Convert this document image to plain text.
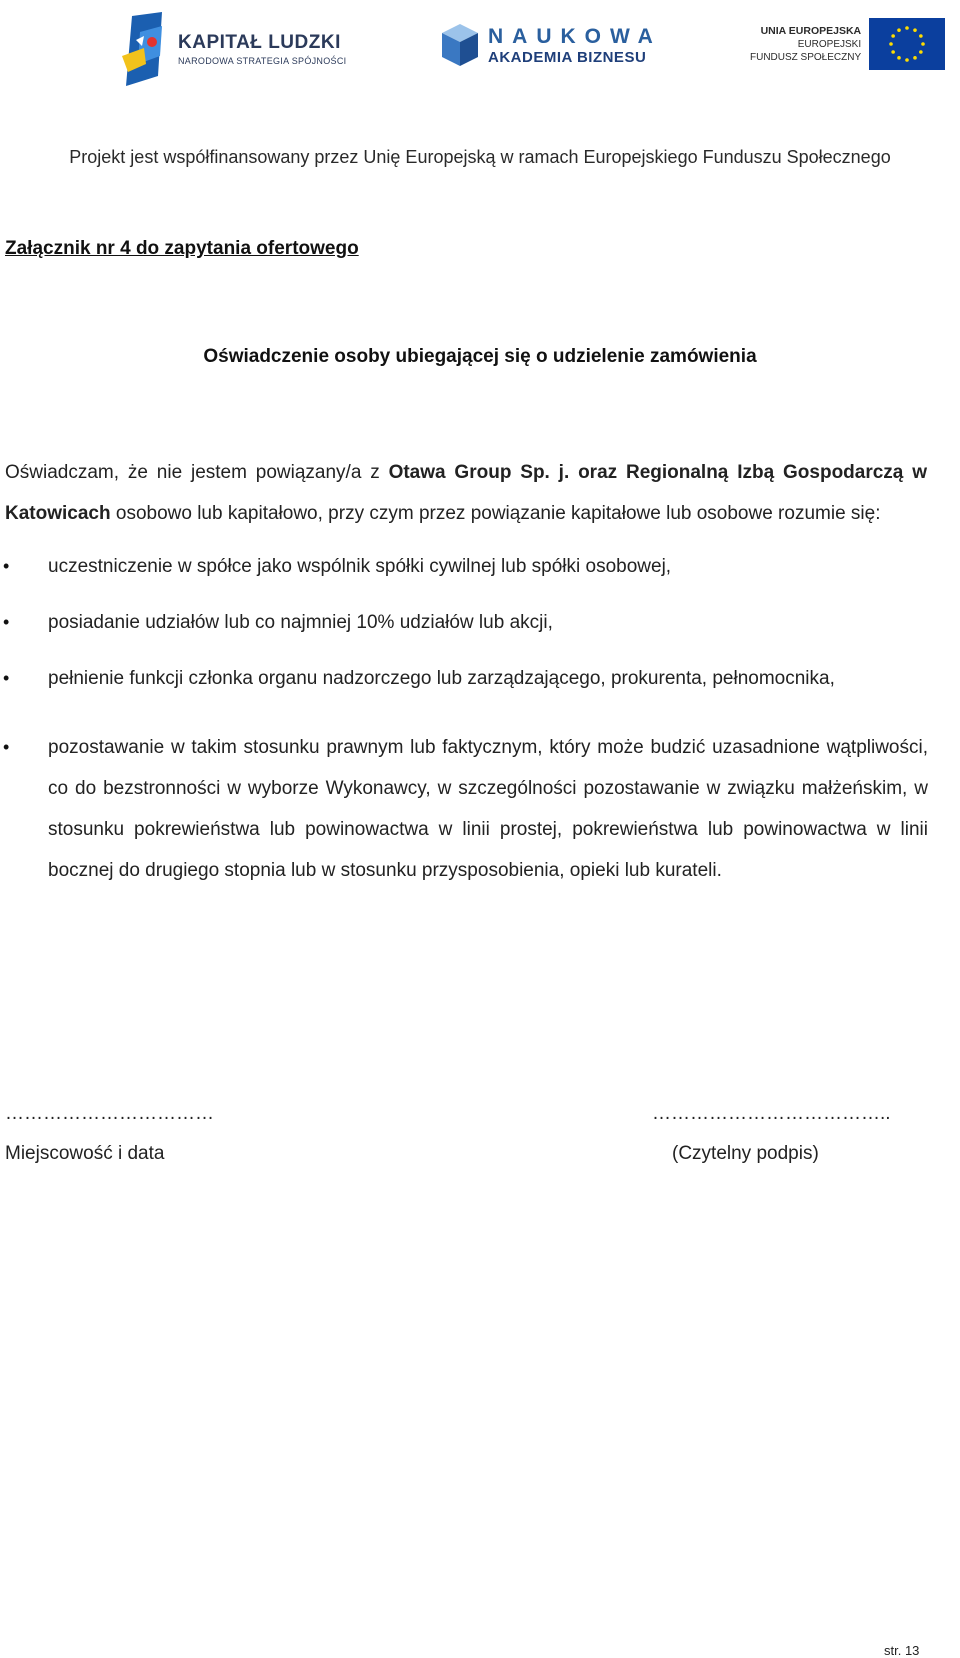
KAPITAŁ LUDZKI
NARODOWA STRATEGIA SPÓJNOŚCI
NAUKOWA
AKADEMIA BIZNESU
UNIA EUROPEJSKA
EUROPEJSKI
FUNDUSZ SPOŁECZNY
Projekt jest współfinansowany przez Unię Europejską w ramach Europejskiego Funduszu Społecznego
Załącznik nr 4 do zapytania ofertowego
Oświadczenie osoby ubiegającej się o udzielenie zamówienia
Oświadczam, że nie jestem powiązany/a z Otawa Group Sp. j. oraz Regionalną Izbą Gospodarczą w Katowicach osobowo lub kapitałowo, przy czym przez powiązanie kapitałowe lub osobowe rozumie się:
• uczestniczenie w spółce jako wspólnik spółki cywilnej lub spółki osobowej,
• posiadanie udziałów lub co najmniej 10% udziałów lub akcji,
• pełnienie funkcji członka organu nadzorczego lub zarządzającego, prokurenta, pełnomocnika,
• pozostawanie w takim stosunku prawnym lub faktycznym, który może budzić uzasadnione wątpliwości, co do bezstronności w wyborze Wykonawcy, w szczególności pozostawanie w związku małżeńskim, w stosunku pokrewieństwa lub powinowactwa w linii prostej, pokrewieństwa lub powinowactwa w linii bocznej do drugiego stopnia lub w stosunku przysposobienia, opieki lub kurateli.
……………………………
Miejscowość i data
………………………………..
(Czytelny podpis)
str. 13
